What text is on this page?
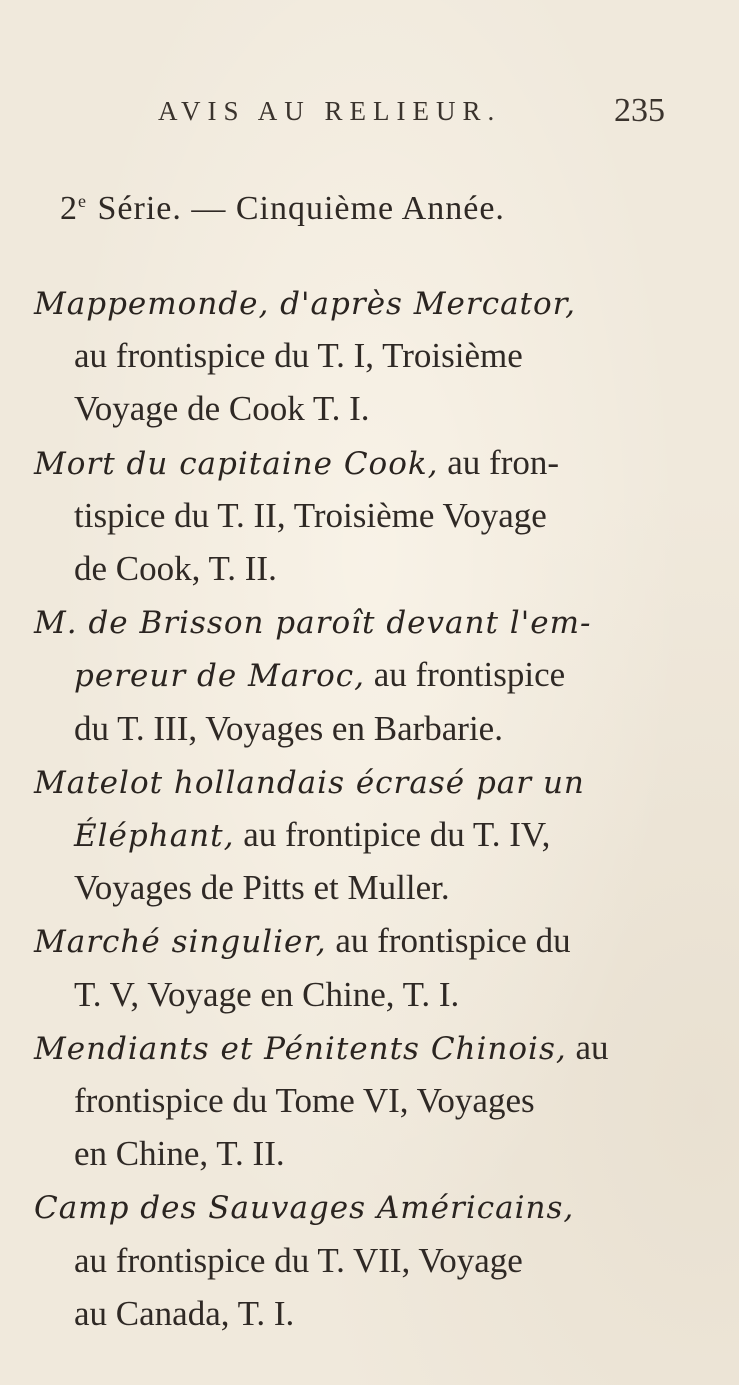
AVIS AU RELIEUR.	235
2e Série. — Cinquième Année.
Mappemonde, d'après Mercator,
au frontispice du T. I, Troisième
Voyage de Cook T. I.
Mort du capitaine Cook, au fron-
tispice du T. II, Troisième Voyage
de Cook, T. II.
M. de Brisson paroît devant l'em-
pereur de Maroc, au frontispice
du T. III, Voyages en Barbarie.
Matelot hollandais écrasé par un
Éléphant, au frontipice du T. IV,
Voyages de Pitts et Muller.
Marché singulier, au frontispice du
T. V, Voyage en Chine, T. I.
Mendiants et Pénitents Chinois, au
frontispice du Tome VI, Voyages
en Chine, T. II.
Camp des Sauvages Américains,
au frontispice du T. VII, Voyage
au Canada, T. I.
